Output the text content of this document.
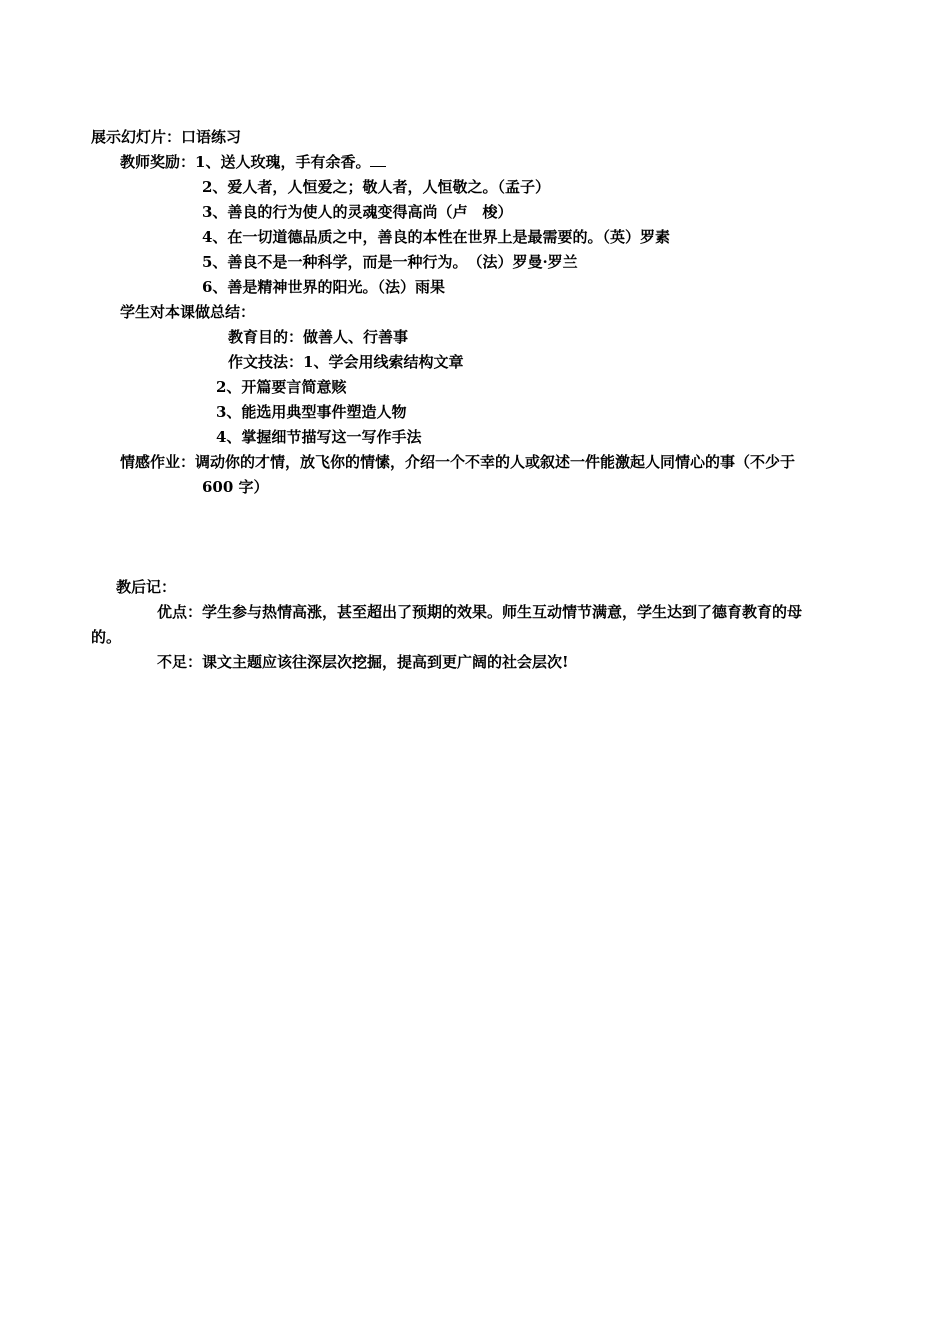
展示幻灯片：口语练习
教师奖励：1、送人玫瑰，手有余香。
2、爱人者，人恒爱之；敬人者，人恒敬之。（孟子）
3、善良的行为使人的灵魂变得高尚（卢　梭）
4、在一切道德品质之中，善良的本性在世界上是最需要的。（英）罗素
5、善良不是一种科学，而是一种行为。　（法）罗曼·罗兰
6、善是精神世界的阳光。（法）雨果
学生对本课做总结：
教育目的：做善人、行善事
作文技法：1、学会用线索结构文章
2、开篇要言简意赅
3、能选用典型事件塑造人物
4、掌握细节描写这一写作手法
情感作业：调动你的才情，放飞你的情愫，介绍一个不幸的人或叙述一件能激起人同情心的事（不少于
600 字）
教后记：
优点：学生参与热情高涨，甚至超出了预期的效果。师生互动情节满意，学生达到了德育教育的母
的。
不足：课文主题应该往深层次挖掘，提高到更广阔的社会层次!
